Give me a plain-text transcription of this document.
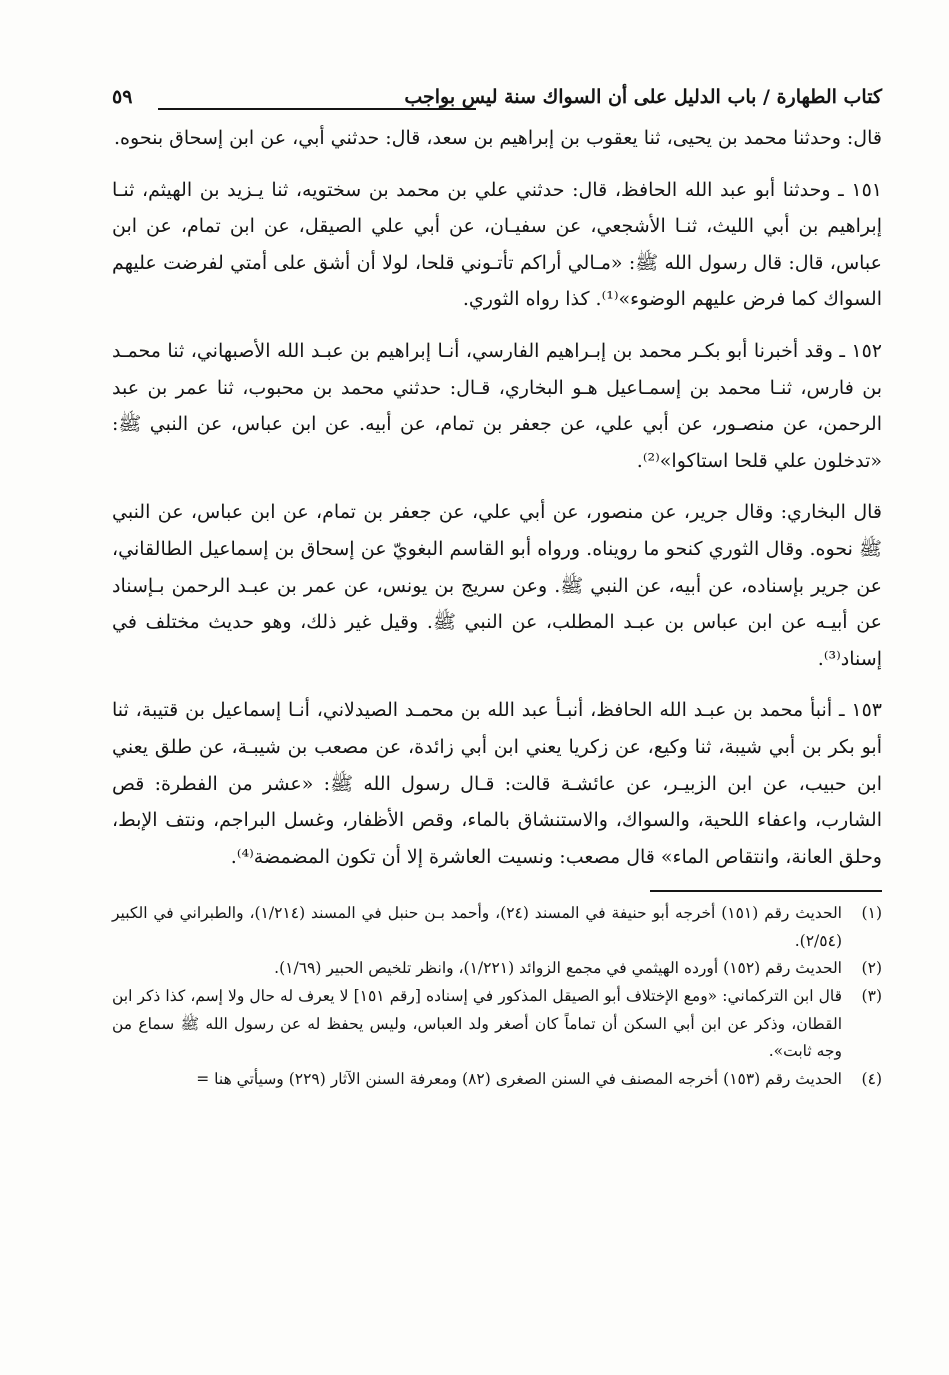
كتاب الطهارة / باب الدليل على أن السواك سنة ليس بواجب
٥٩

قال: وحدثنا محمد بن يحيى، ثنا يعقوب بن إبراهيم بن سعد، قال: حدثني أبي، عن ابن إسحاق بنحوه.

١٥١ ـ وحدثنا أبو عبد الله الحافظ، قال: حدثني علي بن محمد بن سختويه، ثنا يـزيد بن الهيثم، ثنـا إبراهيم بن أبي الليث، ثنـا الأشجعي، عن سفيـان، عن أبي علي الصيقل، عن ابن تمام، عن ابن عباس، قال: قال رسول الله ﷺ: «مـالي أراكم تأتـوني قلحا، لولا أن أشق على أمتي لفرضت عليهم السواك كما فرض عليهم الوضوء»⁽¹⁾. كذا رواه الثوري.

١٥٢ ـ وقد أخبرنا أبو بكـر محمد بن إبـراهيم الفارسي، أنـا إبراهيم بن عبـد الله الأصبهاني، ثنا محمـد بن فارس، ثنـا محمد بن إسمـاعيل هـو البخاري، قـال: حدثني محمد بن محبوب، ثنا عمر بن عبد الرحمن، عن منصـور، عن أبي علي، عن جعفر بن تمام، عن أبيه. عن ابن عباس، عن النبي ﷺ: «تدخلون علي قلحا استاكوا»⁽²⁾.

قال البخاري: وقال جرير، عن منصور، عن أبي علي، عن جعفر بن تمام، عن ابن عباس، عن النبي ﷺ نحوه. وقال الثوري كنحو ما رويناه. ورواه أبو القاسم البغويّ عن إسحاق بن إسماعيل الطالقاني، عن جرير بإسناده، عن أبيه، عن النبي ﷺ. وعن سريج بن يونس، عن عمر بن عبـد الرحمن بـإسناد عن أبيـه عن ابن عباس بن عبـد المطلب، عن النبي ﷺ. وقيل غير ذلك، وهو حديث مختلف في إسناد⁽³⁾.

١٥٣ ـ أنبأ محمد بن عبـد الله الحافظ، أنبـأ عبد الله بن محمـد الصيدلاني، أنـا إسماعيل بن قتيبة، ثنا أبو بكر بن أبي شيبة، ثنا وكيع، عن زكريا يعني ابن أبي زائدة، عن مصعب بن شيبـة، عن طلق يعني ابن حبيب، عن ابن الزبيـر، عن عائشـة قالت: قـال رسول الله ﷺ: «عشر من الفطرة: قص الشارب، واعفاء اللحية، والسواك، والاستنشاق بالماء، وقص الأظفار، وغسل البراجم، ونتف الإبط، وحلق العانة، وانتقاص الماء» قال مصعب: ونسيت العاشرة إلا أن تكون المضمضة⁽⁴⁾.

(١)
الحديث رقم (١٥١) أخرجه أبو حنيفة في المسند (٢٤)، وأحمد بـن حنبل في المسند (١/٢١٤)، والطبراني في الكبير (٢/٥٤).
(٢)
الحديث رقم (١٥٢) أورده الهيثمي في مجمع الزوائد (١/٢٢١)، وانظر تلخيص الحبير (١/٦٩).
(٣)
قال ابن التركماني: «ومع الإختلاف أبو الصيقل المذكور في إسناده [رقم ١٥١] لا يعرف له حال ولا إسم، كذا ذكر ابن القطان، وذكر عن ابن أبي السكن أن تماماً كان أصغر ولد العباس، وليس يحفظ له عن رسول الله ﷺ سماع من وجه ثابت».
(٤)
الحديث رقم (١٥٣) أخرجه المصنف في السنن الصغرى (٨٢) ومعرفة السنن الآثار (٢٢٩) وسيأتي هنا =
